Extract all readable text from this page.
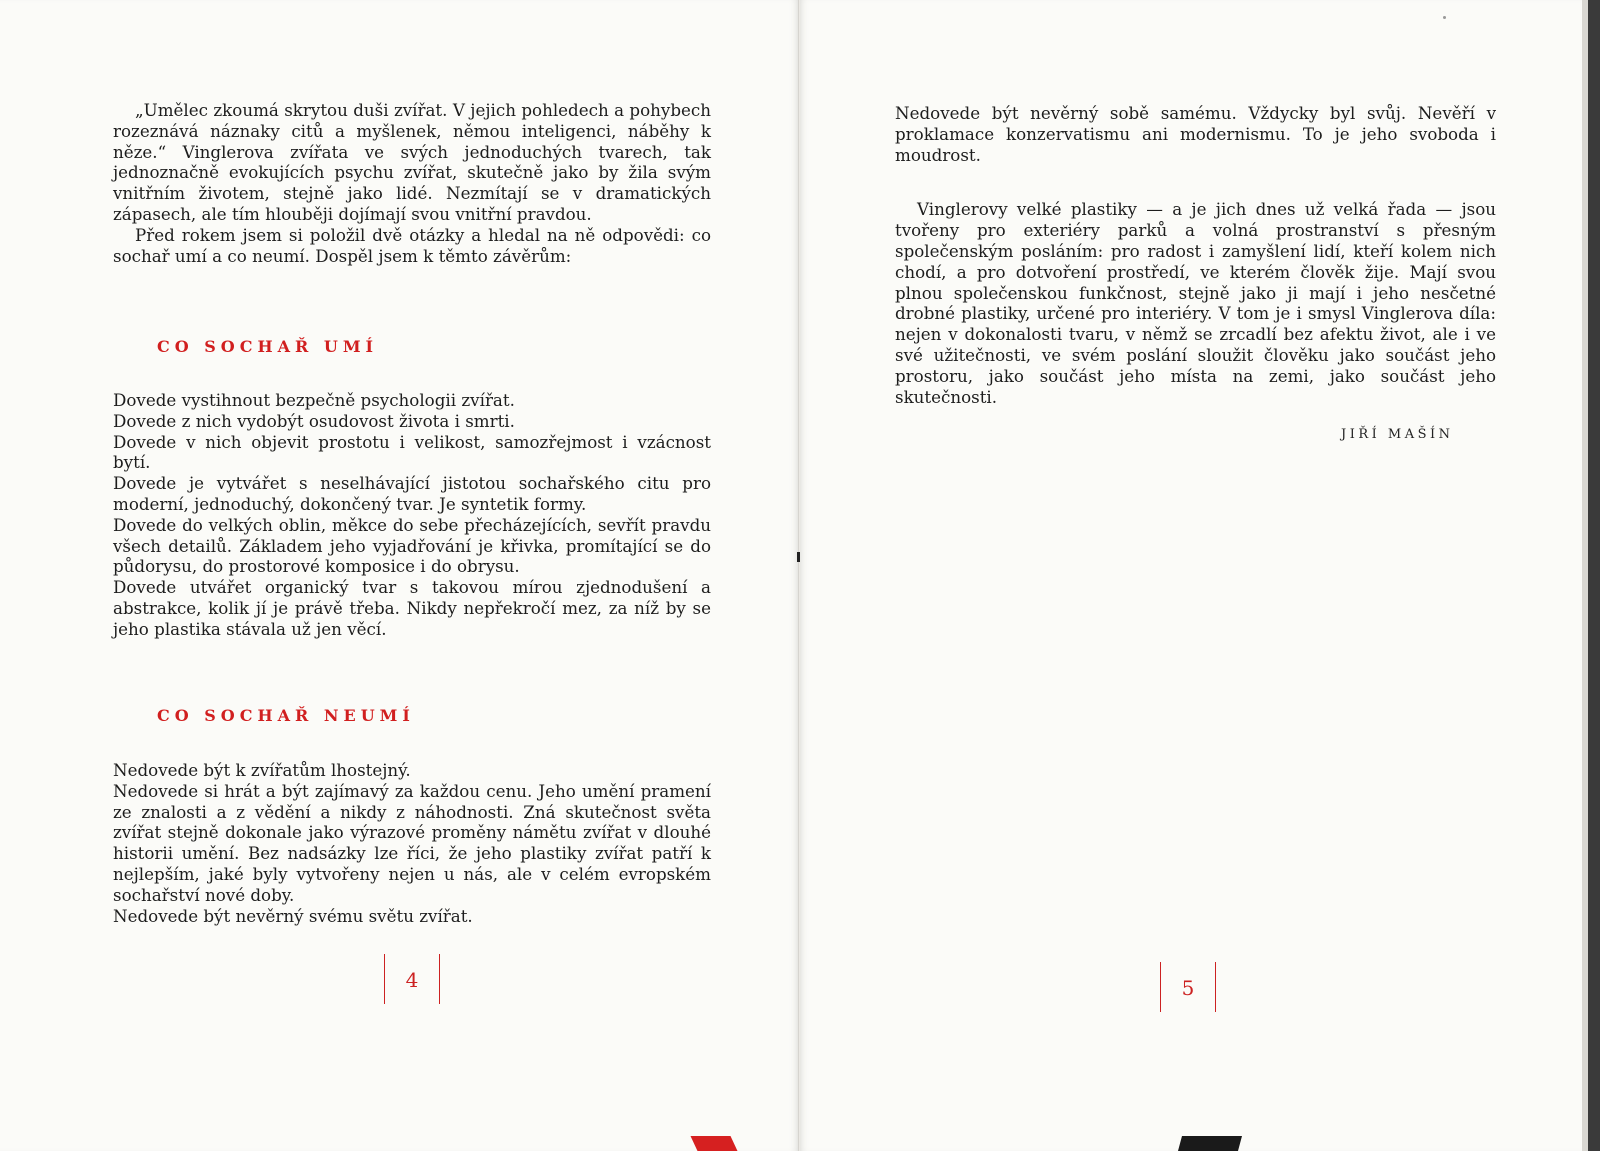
„Umělec zkoumá skrytou duši zvířat. V jejich pohledech a pohybech rozeznává náznaky citů a myšlenek, němou inteligenci, náběhy k něze.“ Vinglerova zvířata ve svých jednoduchých tvarech, tak jednoznačně evokujících psychu zvířat, skutečně jako by žila svým vnitřním životem, stejně jako lidé. Nezmítají se v dramatických zápasech, ale tím hlouběji dojímají svou vnitřní pravdou.

Před rokem jsem si položil dvě otázky a hledal na ně odpovědi: co sochař umí a co neumí. Dospěl jsem k těmto závěrům:

CO SOCHAŘ UMÍ

Dovede vystihnout bezpečně psychologii zvířat.

Dovede z nich vydobýt osudovost života i smrti.

Dovede v nich objevit prostotu i velikost, samozřejmost i vzácnost bytí.

Dovede je vytvářet s neselhávající jistotou sochařského citu pro moderní, jednoduchý, dokončený tvar. Je syntetik formy.

Dovede do velkých oblin, měkce do sebe přecházejících, sevřít pravdu všech detailů. Základem jeho vyjadřování je křivka, promítající se do půdorysu, do prostorové komposice i do obrysu.

Dovede utvářet organický tvar s takovou mírou zjednodušení a abstrakce, kolik jí je právě třeba. Nikdy nepřekročí mez, za níž by se jeho plastika stávala už jen věcí.

CO SOCHAŘ NEUMÍ

Nedovede být k zvířatům lhostejný.

Nedovede si hrát a být zajímavý za každou cenu. Jeho umění pramení ze znalosti a z vědění a nikdy z náhodnosti. Zná skutečnost světa zvířat stejně dokonale jako výrazové proměny námětu zvířat v dlouhé historii umění. Bez nadsázky lze říci, že jeho plastiky zvířat patří k nejlepším, jaké byly vytvořeny nejen u nás, ale v celém evropském sochařství nové doby.

Nedovede být nevěrný svému světu zvířat.

4

Nedovede být nevěrný sobě samému. Vždycky byl svůj. Nevěří v proklamace konzervatismu ani modernismu. To je jeho svoboda i moudrost.

Vinglerovy velké plastiky — a je jich dnes už velká řada — jsou tvořeny pro exteriéry parků a volná prostranství s přesným společenským posláním: pro radost i zamyšlení lidí, kteří kolem nich chodí, a pro dotvoření prostředí, ve kterém člověk žije. Mají svou plnou společenskou funkčnost, stejně jako ji mají i jeho nesčetné drobné plastiky, určené pro interiéry. V tom je i smysl Vinglerova díla: nejen v dokonalosti tvaru, v němž se zrcadlí bez afektu život, ale i ve své užitečnosti, ve svém poslání sloužit člověku jako součást jeho prostoru, jako součást jeho místa na zemi, jako součást jeho skutečnosti.

JIŘÍ MAŠÍN
5
